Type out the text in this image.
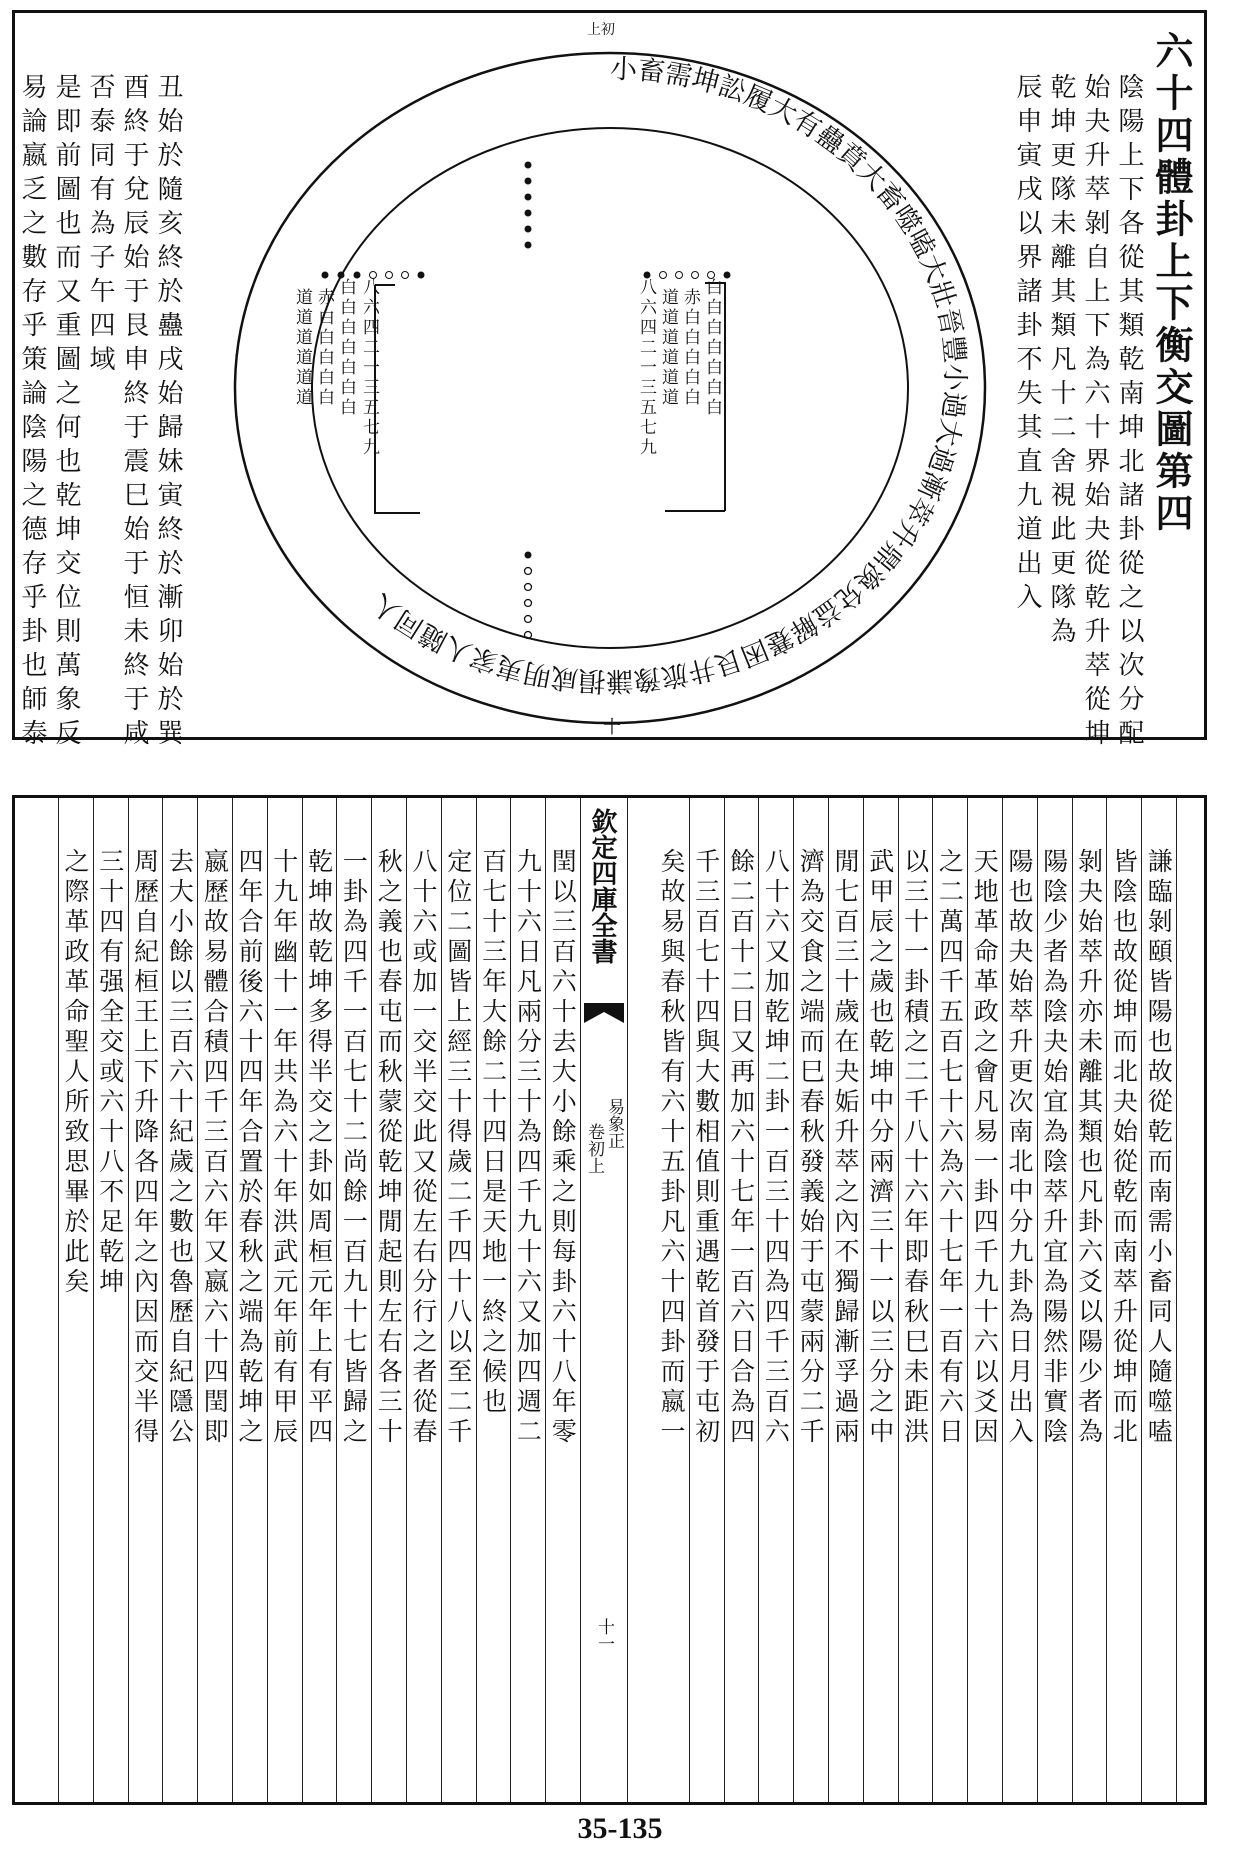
上初
六十四體卦上下衡交圖第四
陰陽上下各從其類乾南坤北諸卦從之以次分配
始夬升萃剝自上下為六十界始夬從乾升萃從坤
乾坤更隊未離其類凡十二舍視此更隊為
辰申寅戌以界諸卦不失其直九道出入
丑始於隨亥終於蠱戌始歸妹寅終於漸卯始於巽
酉終于兌辰始于艮申終于震巳始于恒未終于咸
否泰同有為子午四域
是即前圖也而又重圖之何也乾坤交位則萬象反
易論嬴乏之數存乎策論陰陽之德存乎卦也師泰
小畜需坤訟履大有蠱賁大畜噬嗑大壯晉豐小過大過漸萃升鼎渙兌益解蹇困艮井旅豫謙損咸明夷家人隨同人
八六四二一三五七九
白白白白白白白
赤白白白白白
道道道道道道	白白白白白白白
赤白白白白白
道道道道道道
八六四二一三五七九
十
謙臨剝頤皆陽也故從乾而南需小畜同人隨噬嗑
皆陰也故從坤而北夬始從乾而南萃升從坤而北
剝夬始萃升亦未離其類也凡卦六爻以陽少者為
陽陰少者為陰夬始宜為陰萃升宜為陽然非實陰
陽也故夬始萃升更次南北中分九卦為日月出入
天地革命革政之會凡易一卦四千九十六以爻因
之二萬四千五百七十六為六十七年一百有六日
以三十一卦積之二千八十六年即春秋巳未距洪
武甲辰之歲也乾坤中分兩濟三十一以三分之中
閒七百三十歲在夬姤升萃之內不獨歸漸孚過兩
濟為交食之端而巳春秋發義始于屯蒙兩分二千
八十六又加乾坤二卦一百三十四為四千三百六
餘二百十二日又再加六十七年一百六日合為四
千三百七十四與大數相值則重遇乾首發于屯初
矣故易與春秋皆有六十五卦凡六十四卦而嬴一
閏以三百六十去大小餘乘之則每卦六十八年零
九十六日凡兩分三十為四千九十六又加四週二
百七十三年大餘二十四日是天地一終之候也
定位二圖皆上經三十得歲二千四十八以至二千
八十六或加一交半交此又從左右分行之者從春
秋之義也春屯而秋蒙從乾坤閒起則左右各三十
一卦為四千一百七十二尚餘一百九十七皆歸之
乾坤故乾坤多得半交之卦如周桓元年上有平四
十九年幽十一年共為六十年洪武元年前有甲辰
四年合前後六十四年合置於春秋之端為乾坤之
嬴歷故易體合積四千三百六年又嬴六十四閏即
去大小餘以三百六十紀歲之數也魯歷自紀隱公
周歷自紀桓王上下升降各四年之內因而交半得
三十四有强全交或六十八不足乾坤
之際革政革命聖人所致思畢於此矣	欽定四庫全書
易象正
卷初上
十一
35-135
